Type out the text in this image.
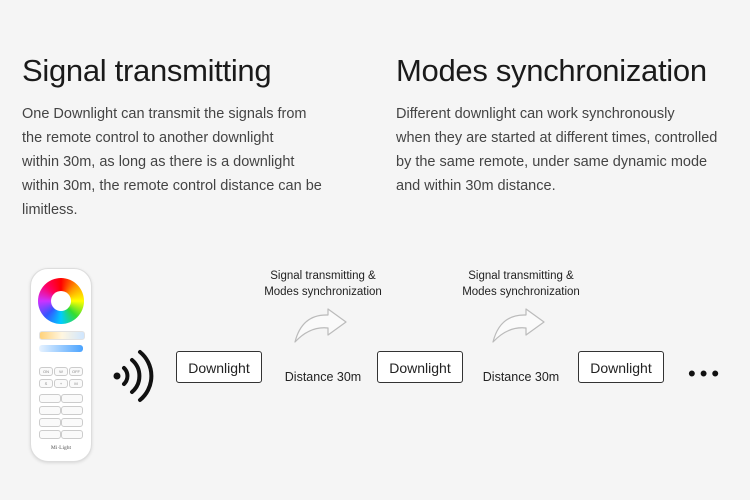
Signal transmitting

One Downlight can transmit the signals from
the remote control to another downlight
within 30m, as long as there is a downlight
within 30m, the remote control distance can be
limitless.

Modes synchronization

Different downlight can work synchronously
when they are started at different times, controlled
by the same remote, under same dynamic mode
and within 30m distance.

ON	W	OFF
S	+	M
Mi·Light
Signal transmitting &
Modes synchronization
Signal transmitting &
Modes synchronization
Downlight
Distance 30m
Downlight
Distance 30m
Downlight	•••
